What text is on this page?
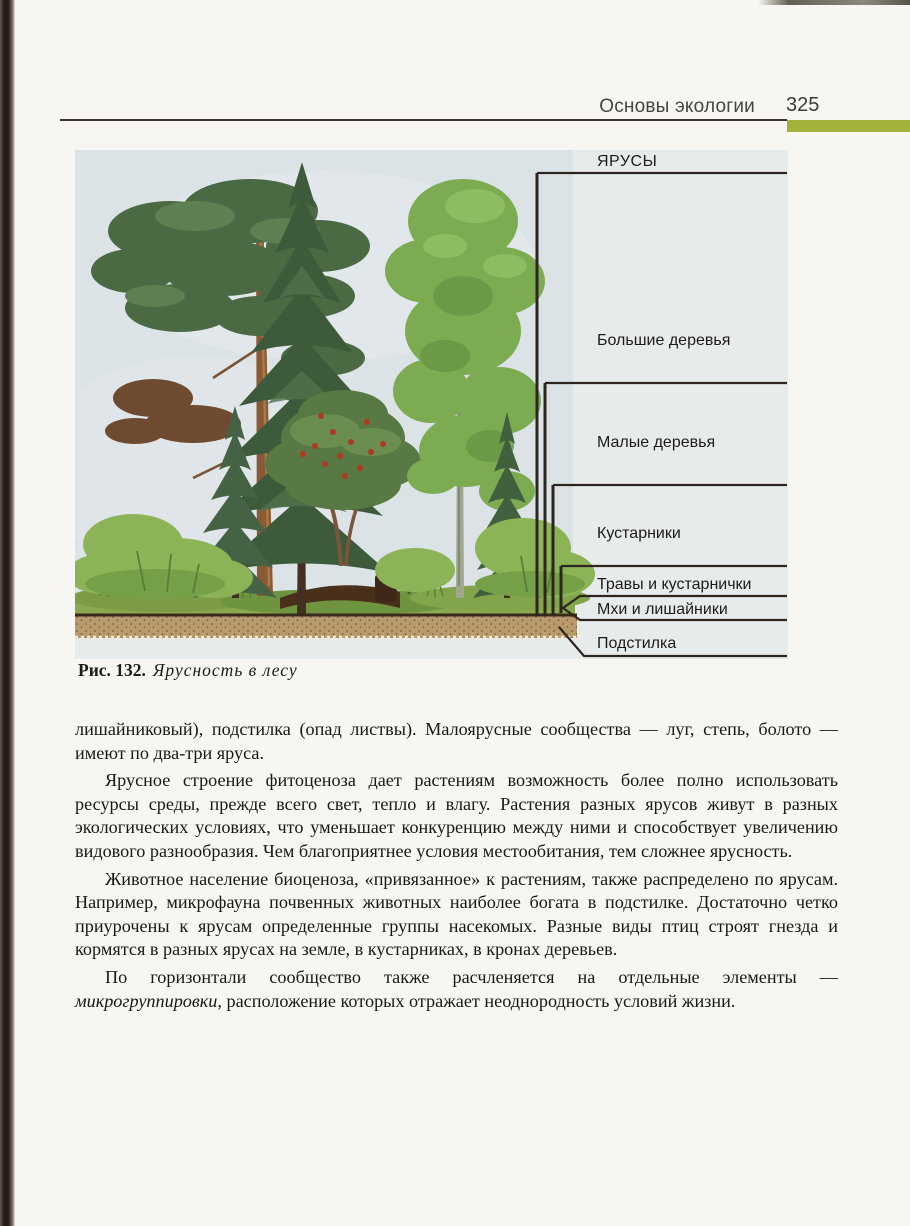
Основы экологии 325
ЯРУСЫ
Большие деревья
Малые деревья
Кустарники
Травы и кустарнички
Мхи и лишайники
Подстилка
Рис. 132. Ярусность в лесу

лишайниковый), подстилка (опад листвы). Малоярусные сообщества — луг, степь, болото — имеют по два-три яруса.

Ярусное строение фитоценоза дает растениям возможность более полно использовать ресурсы среды, прежде всего свет, тепло и влагу. Растения разных ярусов живут в разных экологических условиях, что уменьшает конкуренцию между ними и способствует увеличению видового разнообразия. Чем благоприятнее условия местообитания, тем сложнее ярусность.

Животное население биоценоза, «привязанное» к растениям, также распределено по ярусам. Например, микрофауна почвенных животных наиболее богата в подстилке. Достаточно четко приурочены к ярусам определенные группы насекомых. Разные виды птиц строят гнезда и кормятся в разных ярусах на земле, в кустарниках, в кронах деревьев.

По горизонтали сообщество также расчленяется на отдельные элементы — микрогруппировки, расположение которых отражает неоднородность условий жизни.
